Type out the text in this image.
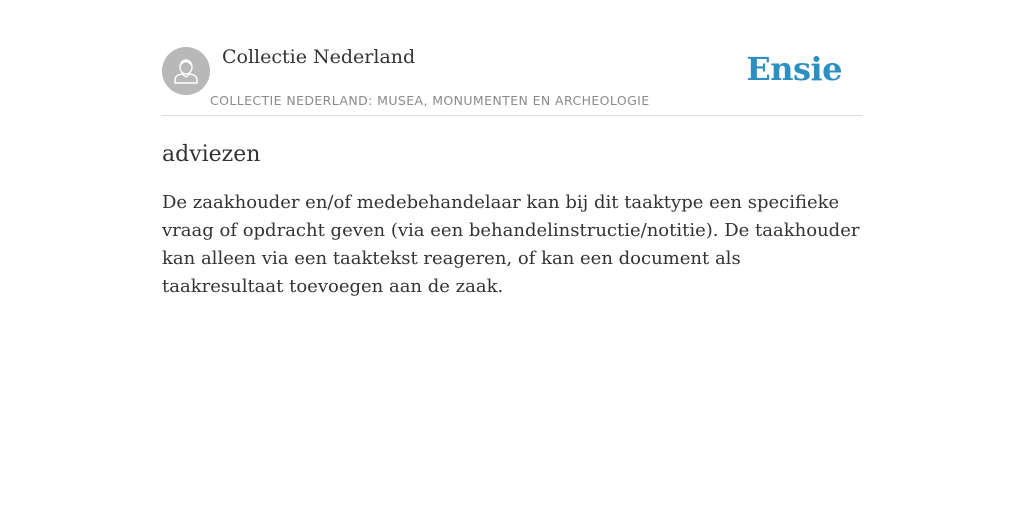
Collectie Nederland
COLLECTIE NEDERLAND: MUSEA, MONUMENTEN EN ARCHEOLOGIE
Ensie
adviezen

De zaakhouder en/of medebehandelaar kan bij dit taaktype een specifieke vraag of opdracht geven (via een behandelinstructie/notitie). De taakhouder kan alleen via een taaktekst reageren, of kan een document als taakresultaat toevoegen aan de zaak.
